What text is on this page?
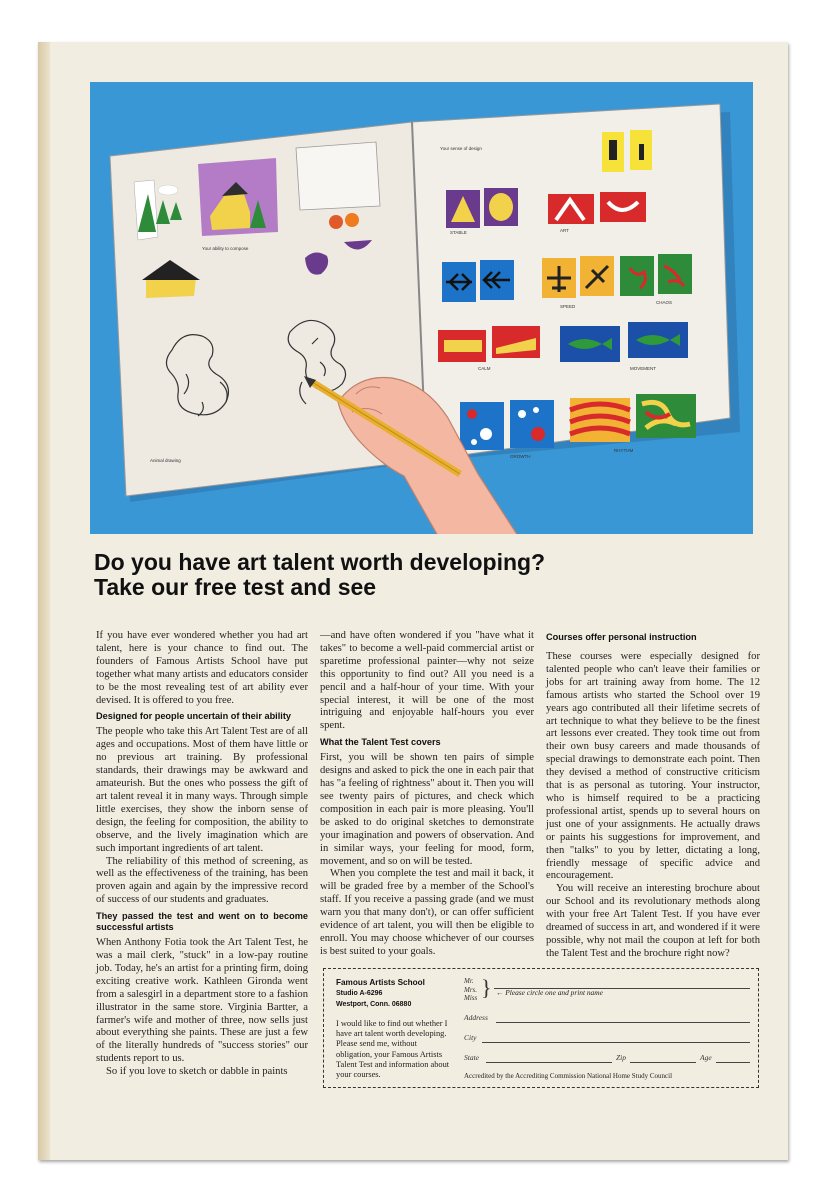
Your ability to compose
Animal drawing
Your sense of design
STABLE	ART
SPEED
CHAOS
CALM	MOVEMENT
RHYTHM
GROWTH
Do you have art talent worth developing?
Take our free test and see

If you have ever wondered whether you had art talent, here is your chance to find out. The founders of Famous Artists School have put together what many artists and educators consider to be the most revealing test of art ability ever devised. It is offered to you free.

Designed for people uncertain of their ability

The people who take this Art Talent Test are of all ages and occupations. Most of them have little or no previous art training. By professional standards, their drawings may be awkward and amateurish. But the ones who possess the gift of art talent reveal it in many ways. Through simple little exercises, they show the inborn sense of design, the feeling for composition, the ability to observe, and the lively imagination which are such important ingredients of art talent.

The reliability of this method of screening, as well as the effectiveness of the training, has been proven again and again by the impressive record of success of our students and graduates.

They passed the test and went on to become successful artists

When Anthony Fotia took the Art Talent Test, he was a mail clerk, "stuck" in a low-pay routine job. Today, he's an artist for a printing firm, doing exciting creative work. Kathleen Gironda went from a salesgirl in a department store to a fashion illustrator in the same store. Virginia Bartter, a farmer's wife and mother of three, now sells just about everything she paints. These are just a few of the literally hundreds of "success stories" our students report to us.

So if you love to sketch or dabble in paints

—and have often wondered if you "have what it takes" to become a well-paid commercial artist or sparetime professional painter—why not seize this opportunity to find out? All you need is a pencil and a half-hour of your time. With your special interest, it will be one of the most intriguing and enjoyable half-hours you ever spent.

What the Talent Test covers

First, you will be shown ten pairs of simple designs and asked to pick the one in each pair that has "a feeling of rightness" about it. Then you will see twenty pairs of pictures, and check which composition in each pair is more pleasing. You'll be asked to do original sketches to demonstrate your imagination and powers of observation. And in similar ways, your feeling for mood, form, movement, and so on will be tested.

When you complete the test and mail it back, it will be graded free by a member of the School's staff. If you receive a passing grade (and we must warn you that many don't), or can offer sufficient evidence of art talent, you will then be eligible to enroll. You may choose whichever of our courses is best suited to your goals.

Courses offer personal instruction

These courses were especially designed for talented people who can't leave their families or jobs for art training away from home. The 12 famous artists who started the School over 19 years ago contributed all their lifetime secrets of art technique to what they believe to be the finest art lessons ever created. They took time out from their own busy careers and made thousands of special drawings to demonstrate each point. Then they devised a method of constructive criticism that is as personal as tutoring. Your instructor, who is himself required to be a practicing professional artist, spends up to several hours on just one of your assignments. He actually draws or paints his suggestions for improvement, and then "talks" to you by letter, dictating a long, friendly message of specific advice and encouragement.

You will receive an interesting brochure about our School and its revolutionary methods along with your free Art Talent Test. If you have ever dreamed of success in art, and wondered if it were possible, why not mail the coupon at left for both the Talent Test and the brochure right now?

Famous Artists School
Studio A-6296
Westport, Conn. 06880
I would like to find out whether I have art talent worth developing. Please send me, without obligation, your Famous Artists Talent Test and information about your courses.
Mr.
Mrs.
Miss } ← Please circle one and print name
Address
City
State	Zip	Age
Accredited by the Accrediting Commission National Home Study Council
